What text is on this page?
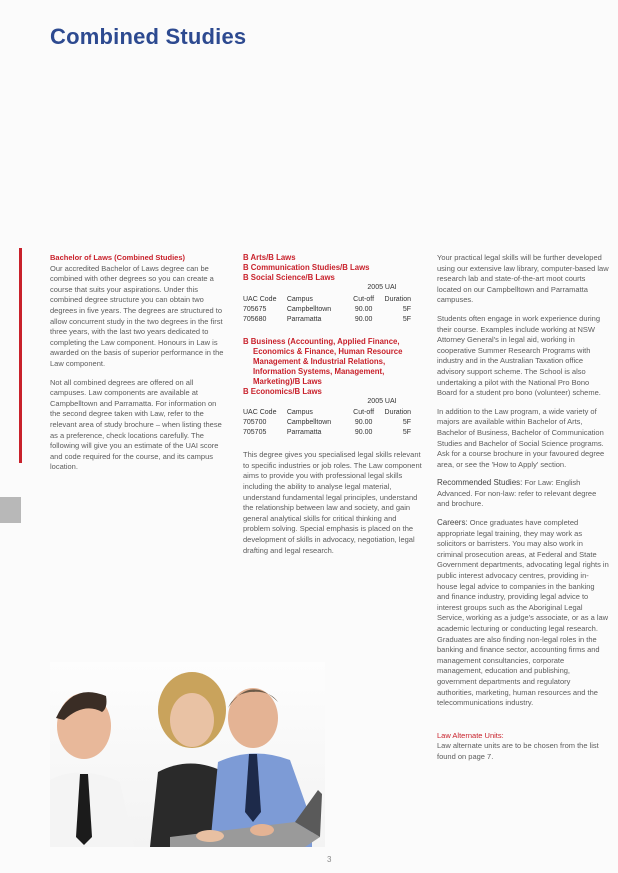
Combined Studies
Bachelor of Laws (Combined Studies)

Our accredited Bachelor of Laws degree can be combined with other degrees so you can create a course that suits your aspirations. Under this combined degree structure you can obtain two degrees in five years. The degrees are structured to allow concurrent study in the two degrees in the first three years, with the last two years dedicated to completing the Law component. Honours in Law is awarded on the basis of superior performance in the Law component.

Not all combined degrees are offered on all campuses. Law components are available at Campbelltown and Parramatta. For information on the second degree taken with Law, refer to the relevant area of study brochure – when listing these as a preference, check locations carefully. The following will give you an estimate of the UAI score and code required for the course, and its campus location.

B Arts/B Laws
B Communication Studies/B Laws
B Social Science/B Laws
2005 UAI
UAC Code	Campus	Cut-off	Duration
705675	Campbelltown	90.00	5F
705680	Parramatta	90.00	5F
B Business (Accounting, Applied Finance, Economics & Finance, Human Resource Management & Industrial Relations, Information Systems, Management, Marketing)/B Laws
B Economics/B Laws
2005 UAI
UAC Code	Campus	Cut-off	Duration
705700	Campbelltown	90.00	5F
705705	Parramatta	90.00	5F

This degree gives you specialised legal skills relevant to specific industries or job roles. The Law component aims to provide you with professional legal skills including the ability to analyse legal material, understand fundamental legal principles, understand the relationship between law and society, and gain general analytical skills for critical thinking and problem solving. Special emphasis is placed on the development of skills in advocacy, negotiation, legal drafting and legal research.

Your practical legal skills will be further developed using our extensive law library, computer-based law research lab and state-of-the-art moot courts located on our Campbelltown and Parramatta campuses.

Students often engage in work experience during their course. Examples include working at NSW Attorney General's in legal aid, working in cooperative Summer Research Programs with industry and in the Australian Taxation office advisory support scheme. The School is also undertaking a pilot with the National Pro Bono Board for a student pro bono (volunteer) scheme.

In addition to the Law program, a wide variety of majors are available within Bachelor of Arts, Bachelor of Business, Bachelor of Communication Studies and Bachelor of Social Science programs. Ask for a course brochure in your favoured degree area, or see the 'How to Apply' section.

Recommended Studies: For Law: English Advanced. For non-law: refer to relevant degree and brochure.

Careers: Once graduates have completed appropriate legal training, they may work as solicitors or barristers. You may also work in criminal prosecution areas, at Federal and State Government departments, advocating legal rights in public interest advocacy centres, providing in-house legal advice to companies in the banking and finance industry, providing legal advice to interest groups such as the Aboriginal Legal Service, working as a judge's associate, or as a law academic lecturing or conducting legal research. Graduates are also finding non-legal roles in the banking and finance sector, accounting firms and management consultancies, corporate management, education and publishing, government departments and regulatory authorities, marketing, human resources and the telecommunications industry.

Law Alternate Units:

Law alternate units are to be chosen from the list found on page 7.

3
